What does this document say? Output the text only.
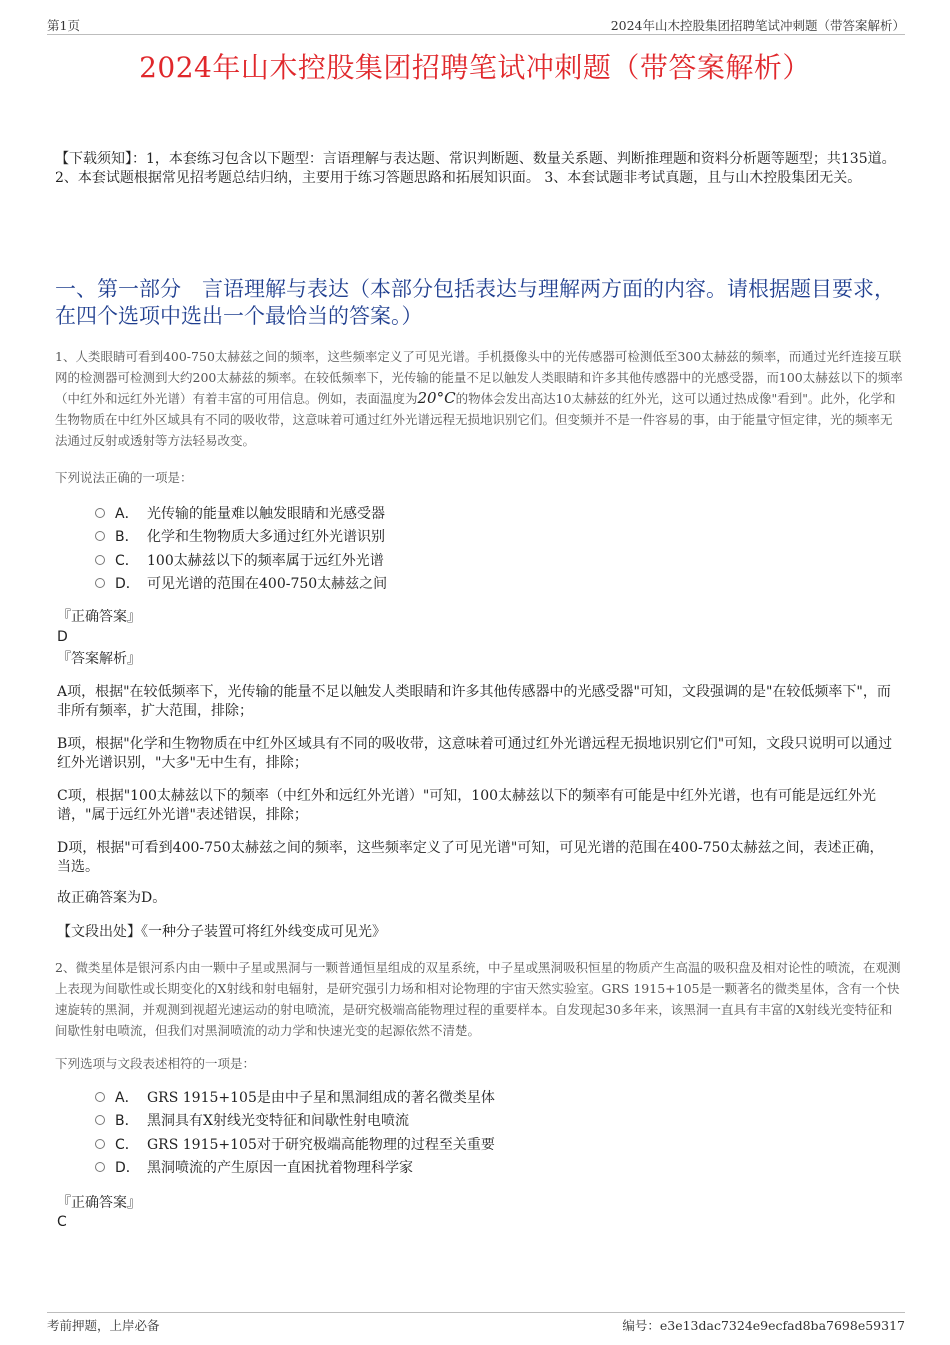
第1页	2024年山木控股集团招聘笔试冲刺题（带答案解析）
2024年山木控股集团招聘笔试冲刺题（带答案解析）
【下载须知】：1，本套练习包含以下题型：言语理解与表达题、常识判断题、数量关系题、判断推理题和资料分析题等题型；共135道。 2、本套试题根据常见招考题总结归纳，主要用于练习答题思路和拓展知识面。 3、本套试题非考试真题，且与山木控股集团无关。
一、第一部分　言语理解与表达（本部分包括表达与理解两方面的内容。请根据题目要求，在四个选项中选出一个最恰当的答案。）
1、人类眼睛可看到400-750太赫兹之间的频率，这些频率定义了可见光谱。手机摄像头中的光传感器可检测低至300太赫兹的频率，而通过光纤连接互联网的检测器可检测到大约200太赫兹的频率。在较低频率下，光传输的能量不足以触发人类眼睛和许多其他传感器中的光感受器，而100太赫兹以下的频率（中红外和远红外光谱）有着丰富的可用信息。例如，表面温度为20°C的物体会发出高达10太赫兹的红外光，这可以通过热成像"看到"。此外，化学和生物物质在中红外区域具有不同的吸收带，这意味着可通过红外光谱远程无损地识别它们。但变频并不是一件容易的事，由于能量守恒定律，光的频率无法通过反射或透射等方法轻易改变。
下列说法正确的一项是：
A． 光传输的能量难以触发眼睛和光感受器
B． 化学和生物物质大多通过红外光谱识别
C． 100太赫兹以下的频率属于远红外光谱
D． 可见光谱的范围在400-750太赫兹之间
『正确答案』
D
『答案解析』
A项，根据"在较低频率下，光传输的能量不足以触发人类眼睛和许多其他传感器中的光感受器"可知，文段强调的是"在较低频率下"，而非所有频率，扩大范围，排除；
B项，根据"化学和生物物质在中红外区域具有不同的吸收带，这意味着可通过红外光谱远程无损地识别它们"可知，文段只说明可以通过红外光谱识别，"大多"无中生有，排除；
C项，根据"100太赫兹以下的频率（中红外和远红外光谱）"可知，100太赫兹以下的频率有可能是中红外光谱，也有可能是远红外光谱，"属于远红外光谱"表述错误，排除；
D项，根据"可看到400-750太赫兹之间的频率，这些频率定义了可见光谱"可知，可见光谱的范围在400-750太赫兹之间，表述正确，当选。
故正确答案为D。
【文段出处】《一种分子装置可将红外线变成可见光》
2、微类星体是银河系内由一颗中子星或黑洞与一颗普通恒星组成的双星系统，中子星或黑洞吸积恒星的物质产生高温的吸积盘及相对论性的喷流，在观测上表现为间歇性或长期变化的X射线和射电辐射，是研究强引力场和相对论物理的宇宙天然实验室。GRS 1915+105是一颗著名的微类星体，含有一个快速旋转的黑洞，并观测到视超光速运动的射电喷流，是研究极端高能物理过程的重要样本。自发现起30多年来，该黑洞一直具有丰富的X射线光变特征和间歇性射电喷流，但我们对黑洞喷流的动力学和快速光变的起源依然不清楚。
下列选项与文段表述相符的一项是：
A． GRS 1915+105是由中子星和黑洞组成的著名微类星体
B． 黑洞具有X射线光变特征和间歇性射电喷流
C． GRS 1915+105对于研究极端高能物理的过程至关重要
D． 黑洞喷流的产生原因一直困扰着物理科学家
『正确答案』
C
考前押题，上岸必备	编号：e3e13dac7324e9ecfad8ba7698e59317
